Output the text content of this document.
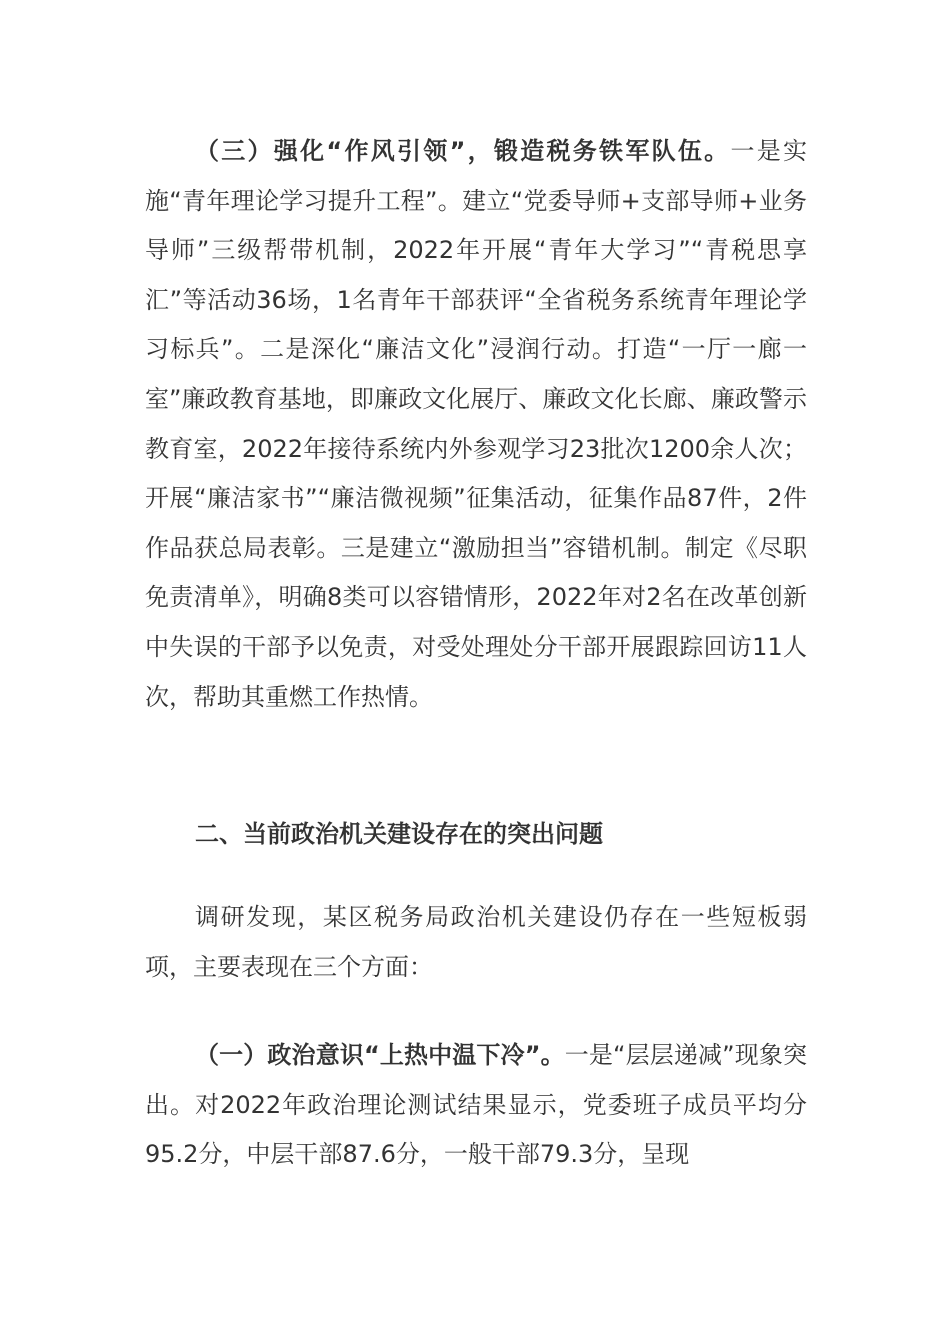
（三）强化“作风引领”，锻造税务铁军队伍。一是实施“青年理论学习提升工程”。建立“党委导师+支部导师+业务导师”三级帮带机制，2022年开展“青年大学习”“青税思享汇”等活动36场，1名青年干部获评“全省税务系统青年理论学习标兵”。二是深化“廉洁文化”浸润行动。打造“一厅一廊一室”廉政教育基地，即廉政文化展厅、廉政文化长廊、廉政警示教育室，2022年接待系统内外参观学习23批次1200余人次；开展“廉洁家书”“廉洁微视频”征集活动，征集作品87件，2件作品获总局表彰。三是建立“激励担当”容错机制。制定《尽职免责清单》，明确8类可以容错情形，2022年对2名在改革创新中失误的干部予以免责，对受处理处分干部开展跟踪回访11人次，帮助其重燃工作热情。

二、当前政治机关建设存在的突出问题

调研发现，某区税务局政治机关建设仍存在一些短板弱项，主要表现在三个方面：

（一）政治意识“上热中温下冷”。一是“层层递减”现象突出。对2022年政治理论测试结果显示，党委班子成员平均分95.2分，中层干部87.6分，一般干部79.3分，呈现
